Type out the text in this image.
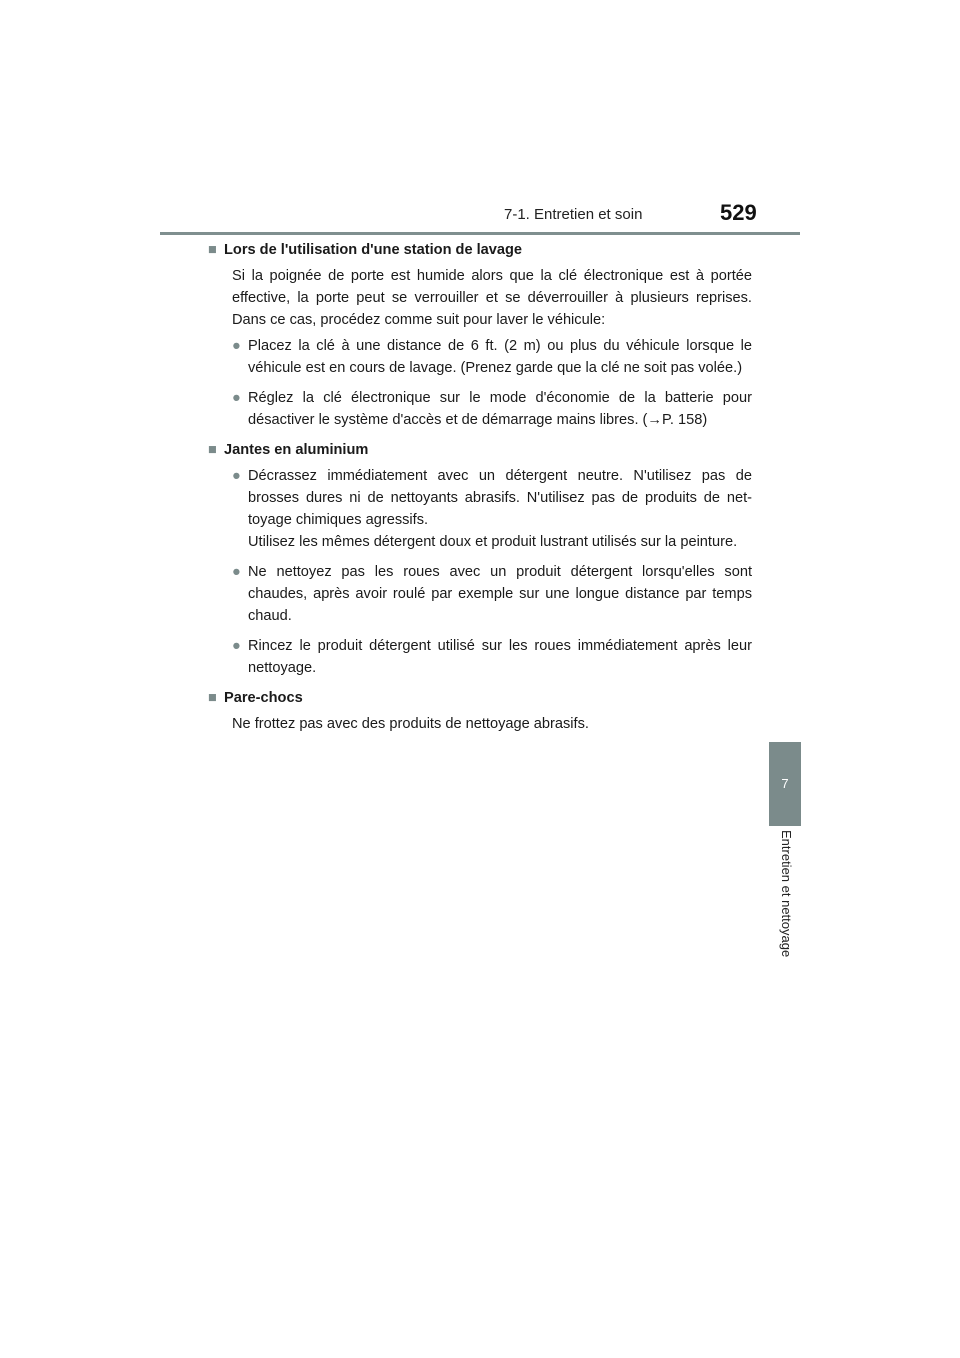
7-1. Entretien et soin	529
7
Entretien et nettoyage
■ Lors de l'utilisation d'une station de lavage
Si la poignée de porte est humide alors que la clé électronique est à portée effective, la porte peut se verrouiller et se déverrouiller à plusieurs reprises. Dans ce cas, procédez comme suit pour laver le véhicule:
● Placez la clé à une distance de 6 ft. (2 m) ou plus du véhicule lorsque le véhicule est en cours de lavage. (Prenez garde que la clé ne soit pas volée.)
● Réglez la clé électronique sur le mode d'économie de la batterie pour désactiver le système d'accès et de démarrage mains libres. (→P. 158)
■ Jantes en aluminium
● Décrassez immédiatement avec un détergent neutre. N'utilisez pas de brosses dures ni de nettoyants abrasifs. N'utilisez pas de produits de net-toyage chimiques agressifs.
Utilisez les mêmes détergent doux et produit lustrant utilisés sur la peinture.
● Ne nettoyez pas les roues avec un produit détergent lorsqu'elles sont chaudes, après avoir roulé par exemple sur une longue distance par temps chaud.
● Rincez le produit détergent utilisé sur les roues immédiatement après leur nettoyage.
■ Pare-chocs
Ne frottez pas avec des produits de nettoyage abrasifs.
